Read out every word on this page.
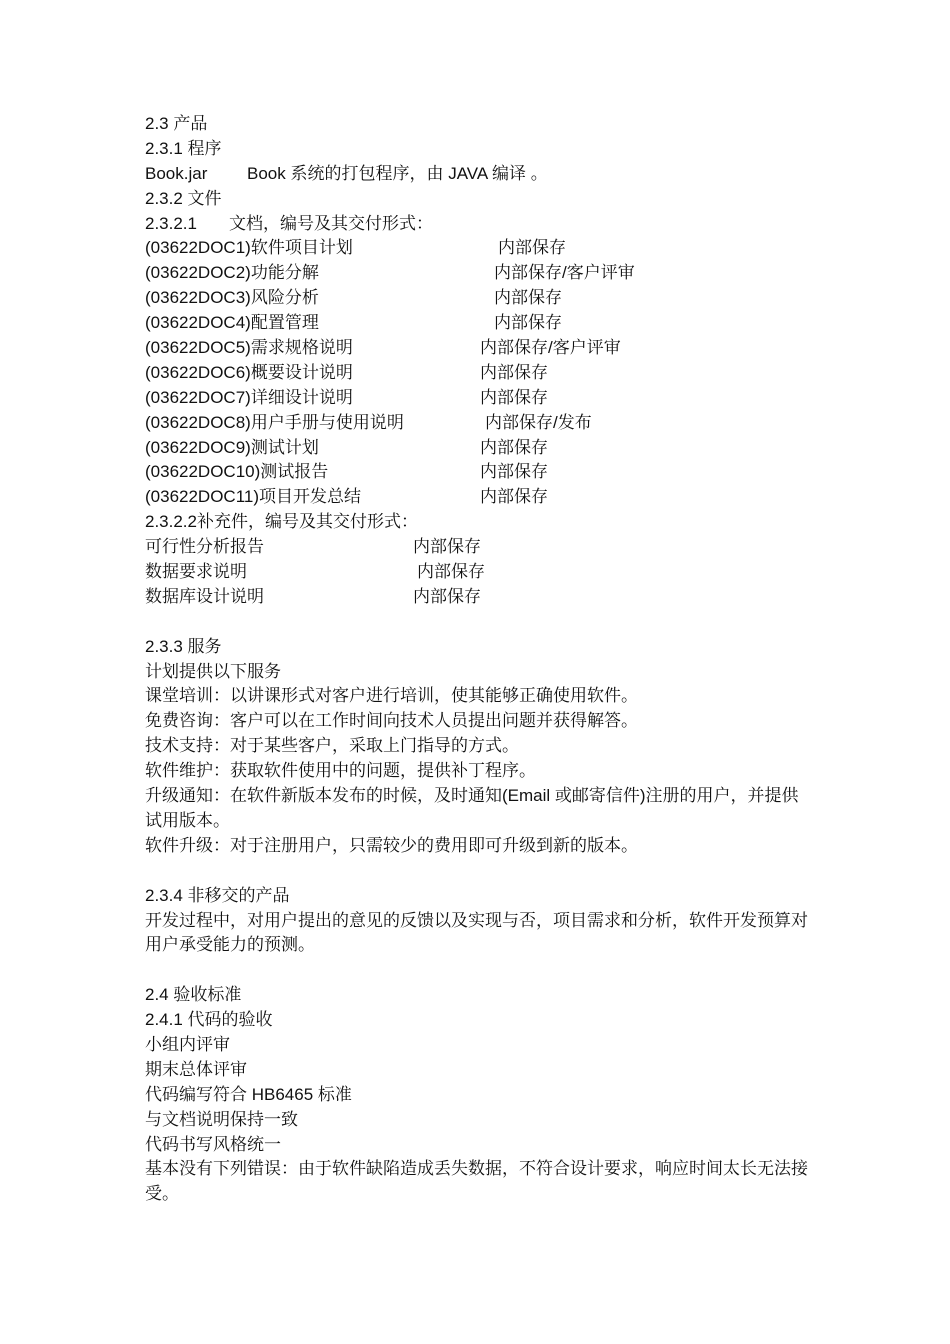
2.3 产品
2.3.1 程序
Book.jar Book 系统的打包程序，由 JAVA 编译 。
2.3.2 文件
2.3.2.1 文档，编号及其交付形式：
(03622DOC1)软件项目计划	内部保存
(03622DOC2)功能分解	内部保存/客户评审
(03622DOC3)风险分析	内部保存
(03622DOC4)配置管理	内部保存
(03622DOC5)需求规格说明	内部保存/客户评审
(03622DOC6)概要设计说明	内部保存
(03622DOC7)详细设计说明	内部保存
(03622DOC8)用户手册与使用说明	内部保存/发布
(03622DOC9)测试计划	内部保存
(03622DOC10)测试报告	内部保存
(03622DOC11)项目开发总结	内部保存
2.3.2.2补充件，编号及其交付形式：
可行性分析报告	内部保存
数据要求说明	内部保存
数据库设计说明	内部保存
2.3.3 服务
计划提供以下服务
课堂培训：以讲课形式对客户进行培训，使其能够正确使用软件。
免费咨询：客户可以在工作时间向技术人员提出问题并获得解答。
技术支持：对于某些客户，采取上门指导的方式。
软件维护：获取软件使用中的问题，提供补丁程序。
升级通知：在软件新版本发布的时候，及时通知(Email 或邮寄信件)注册的用户，并提供试用版本。
软件升级：对于注册用户，只需较少的费用即可升级到新的版本。
2.3.4 非移交的产品
开发过程中，对用户提出的意见的反馈以及实现与否，项目需求和分析，软件开发预算对用户承受能力的预测。
2.4 验收标准
2.4.1 代码的验收
小组内评审
期末总体评审
代码编写符合 HB6465 标准
与文档说明保持一致
代码书写风格统一
基本没有下列错误：由于软件缺陷造成丢失数据，不符合设计要求，响应时间太长无法接受。
